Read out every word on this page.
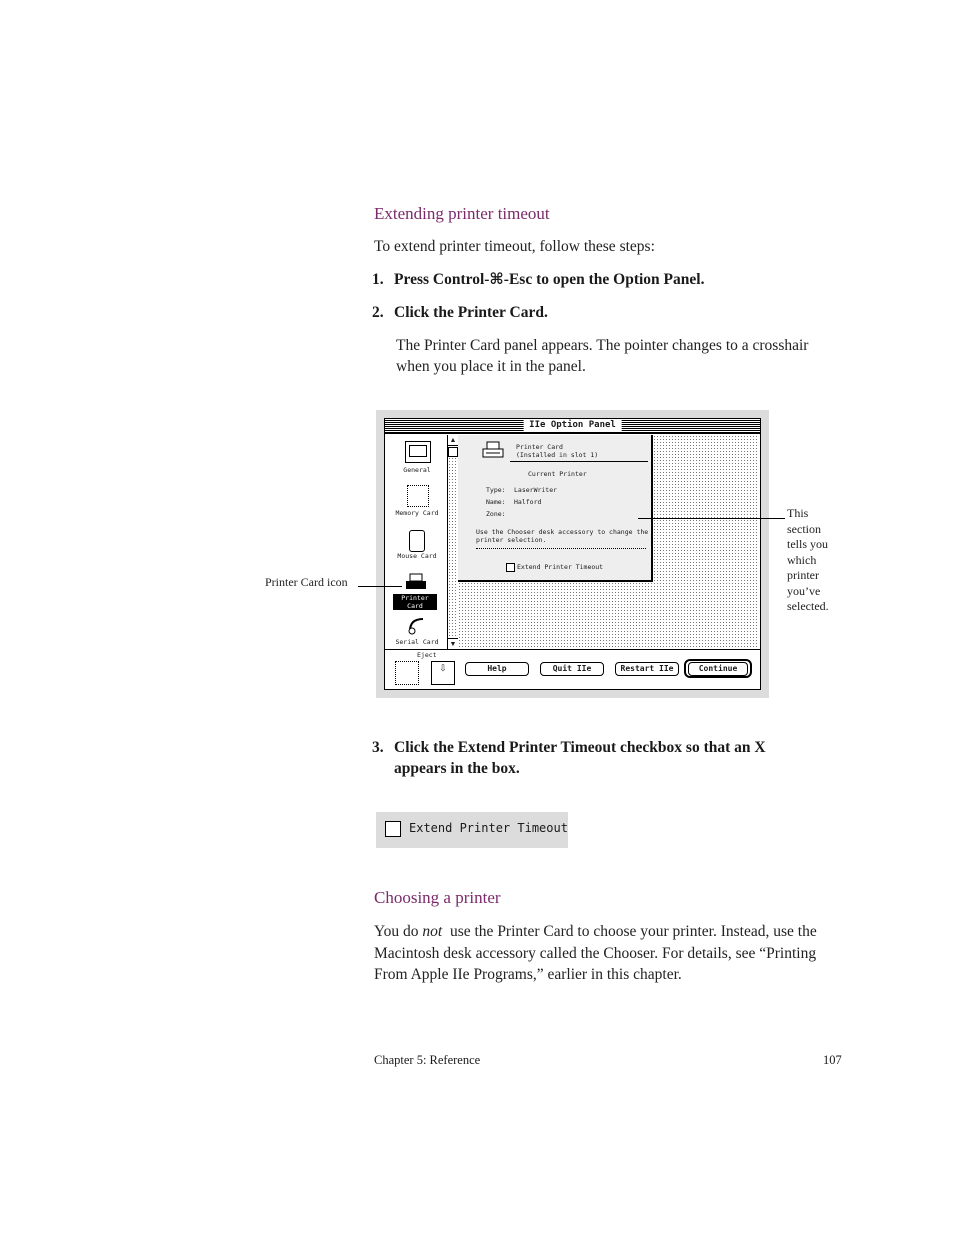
Extending printer timeout
To extend printer timeout, follow these steps:
1. Press Control-⌘-Esc to open the Option Panel.
2. Click the Printer Card.
The Printer Card panel appears. The pointer changes to a crosshair
when you place it in the panel.
IIe Option Panel
General
Memory Card
Mouse Card
Printer Card
Serial Card
▲
▼
Printer Card
(Installed in slot 1)
Current Printer
Type: LaserWriter
Name: Halford
Zone:
Use the Chooser desk accessory to change the
printer selection.
Extend Printer Timeout
Eject
⇩	Help	Quit IIe	Restart IIe	Continue
Printer Card icon
This
section
tells you
which
printer
you’ve
selected.
3. Click the Extend Printer Timeout checkbox so that an X
appears in the box.
Extend Printer Timeout
Choosing a printer
You do not  use the Printer Card to choose your printer. Instead, use the
Macintosh desk accessory called the Chooser. For details, see “Printing
From Apple IIe Programs,” earlier in this chapter.
Chapter 5: Reference	107
